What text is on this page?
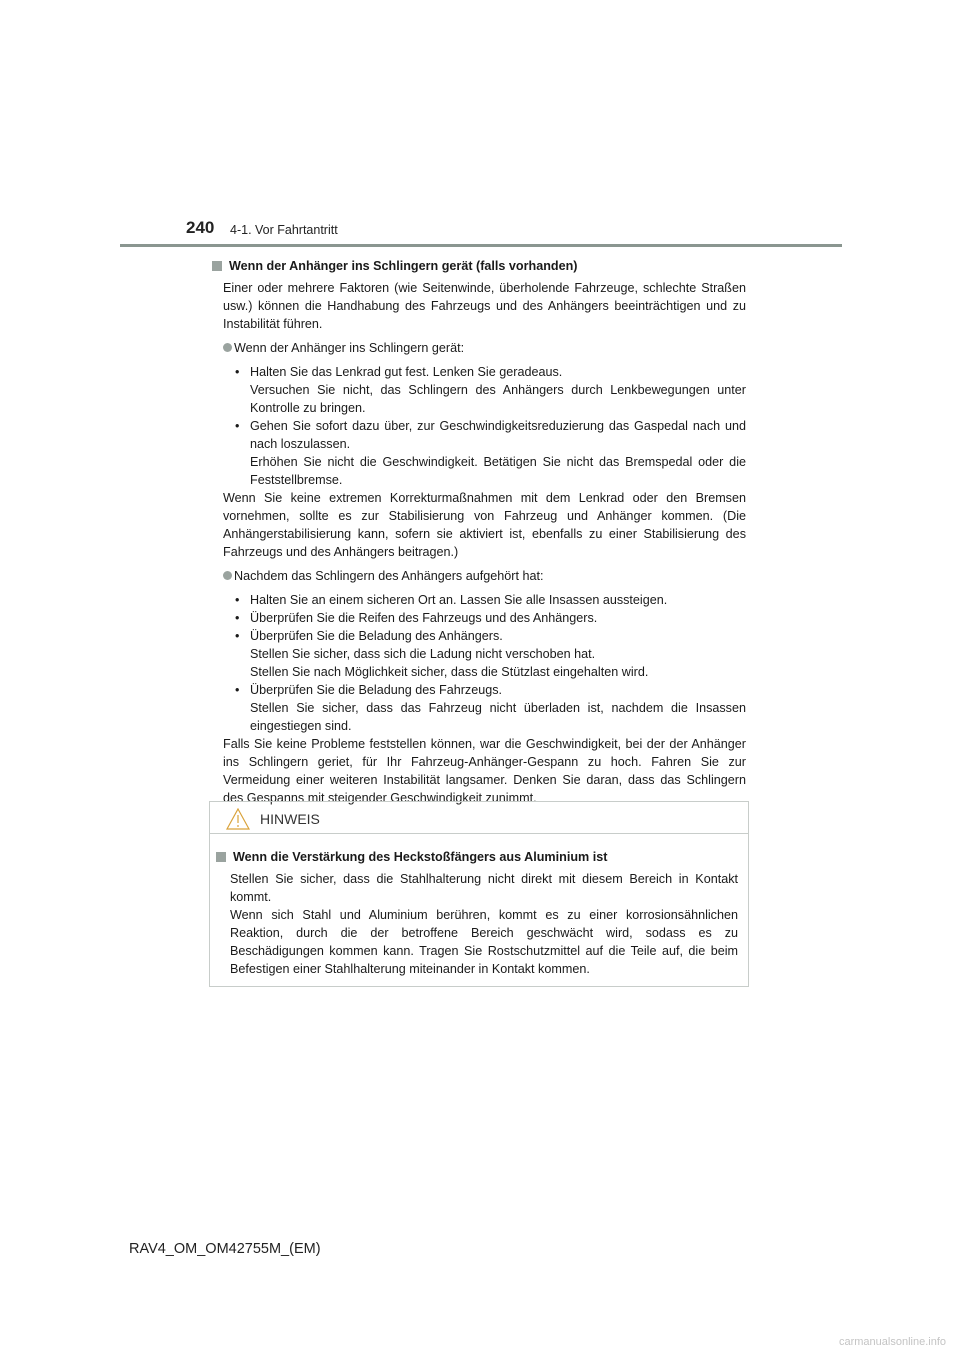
240 4-1. Vor Fahrtantritt
Wenn der Anhänger ins Schlingern gerät (falls vorhanden)

Einer oder mehrere Faktoren (wie Seitenwinde, überholende Fahrzeuge, schlechte Straßen usw.) können die Handhabung des Fahrzeugs und des Anhängers beeinträchtigen und zu Instabilität führen.

Wenn der Anhänger ins Schlingern gerät:
• Halten Sie das Lenkrad gut fest. Lenken Sie geradeaus.
Versuchen Sie nicht, das Schlingern des Anhängers durch Lenkbewegungen unter Kontrolle zu bringen.
• Gehen Sie sofort dazu über, zur Geschwindigkeitsreduzierung das Gaspedal nach und nach loszulassen.
Erhöhen Sie nicht die Geschwindigkeit. Betätigen Sie nicht das Bremspedal oder die Feststellbremse.

Wenn Sie keine extremen Korrekturmaßnahmen mit dem Lenkrad oder den Bremsen vornehmen, sollte es zur Stabilisierung von Fahrzeug und Anhänger kommen. (Die Anhängerstabilisierung kann, sofern sie aktiviert ist, ebenfalls zu einer Stabilisierung des Fahrzeugs und des Anhängers beitragen.)

Nachdem das Schlingern des Anhängers aufgehört hat:
• Halten Sie an einem sicheren Ort an. Lassen Sie alle Insassen aussteigen.
• Überprüfen Sie die Reifen des Fahrzeugs und des Anhängers.
• Überprüfen Sie die Beladung des Anhängers.
Stellen Sie sicher, dass sich die Ladung nicht verschoben hat.
Stellen Sie nach Möglichkeit sicher, dass die Stützlast eingehalten wird.
• Überprüfen Sie die Beladung des Fahrzeugs.
Stellen Sie sicher, dass das Fahrzeug nicht überladen ist, nachdem die Insassen eingestiegen sind.

Falls Sie keine Probleme feststellen können, war die Geschwindigkeit, bei der der Anhänger ins Schlingern geriet, für Ihr Fahrzeug-Anhänger-Gespann zu hoch. Fahren Sie zur Vermeidung einer weiteren Instabilität langsamer. Denken Sie daran, dass das Schlingern des Gespanns mit steigender Geschwindigkeit zunimmt.

HINWEIS
Wenn die Verstärkung des Heckstoßfängers aus Aluminium ist

Stellen Sie sicher, dass die Stahlhalterung nicht direkt mit diesem Bereich in Kontakt kommt.

Wenn sich Stahl und Aluminium berühren, kommt es zu einer korrosionsähnlichen Reaktion, durch die der betroffene Bereich geschwächt wird, sodass es zu Beschädigungen kommen kann. Tragen Sie Rostschutzmittel auf die Teile auf, die beim Befestigen einer Stahlhalterung miteinander in Kontakt kommen.

RAV4_OM_OM42755M_(EM)
carmanualsonline.info
